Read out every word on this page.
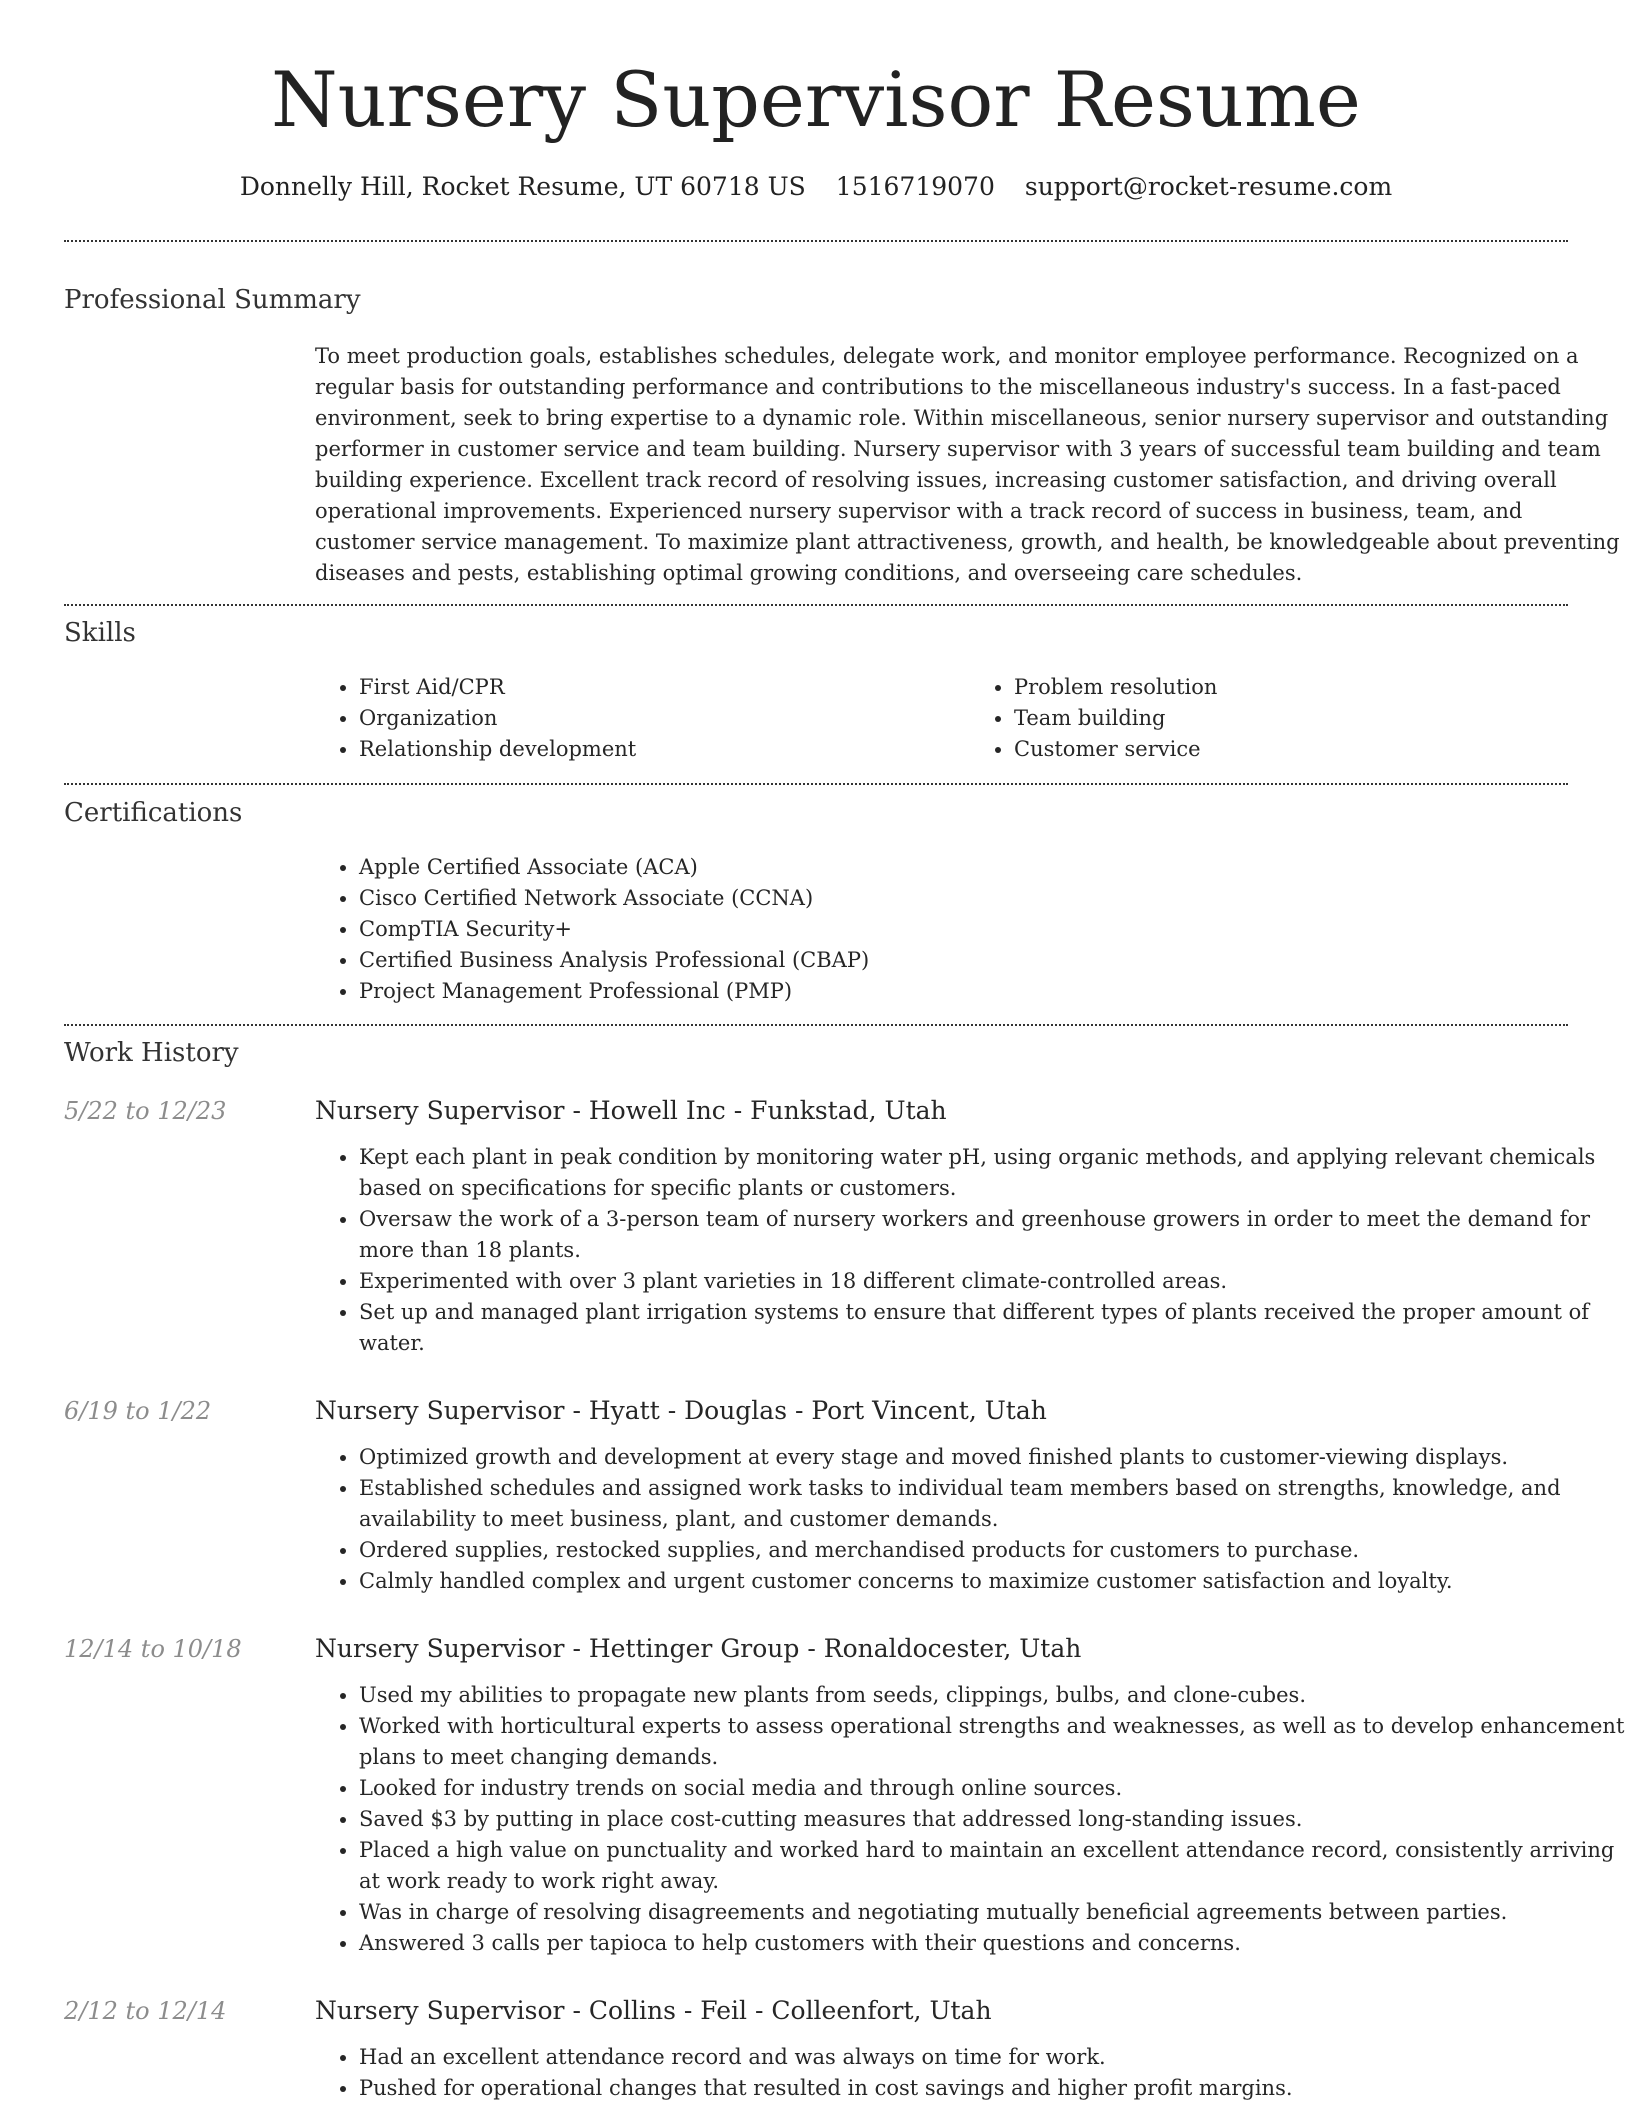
Nursery Supervisor Resume
Donnelly Hill, Rocket Resume, UT 60718 US 1516719070 support@rocket-resume.com
Professional Summary

To meet production goals, establishes schedules, delegate work, and monitor employee performance. Recognized on a regular basis for outstanding performance and contributions to the miscellaneous industry's success. In a fast-paced environment, seek to bring expertise to a dynamic role. Within miscellaneous, senior nursery supervisor and outstanding performer in customer service and team building. Nursery supervisor with 3 years of successful team building and team building experience. Excellent track record of resolving issues, increasing customer satisfaction, and driving overall operational improvements. Experienced nursery supervisor with a track record of success in business, team, and customer service management. To maximize plant attractiveness, growth, and health, be knowledgeable about preventing diseases and pests, establishing optimal growing conditions, and overseeing care schedules.

Skills
• First Aid/CPR
• Organization
• Relationship development
• Problem resolution
• Team building
• Customer service
Certifications
• Apple Certified Associate (ACA)
• Cisco Certified Network Associate (CCNA)
• CompTIA Security+
• Certified Business Analysis Professional (CBAP)
• Project Management Professional (PMP)
Work History
5/22 to 12/23	Nursery Supervisor - Howell Inc - Funkstad, Utah
• Kept each plant in peak condition by monitoring water pH, using organic methods, and applying relevant chemicals based on specifications for specific plants or customers.
• Oversaw the work of a 3-person team of nursery workers and greenhouse growers in order to meet the demand for more than 18 plants.
• Experimented with over 3 plant varieties in 18 different climate-controlled areas.
• Set up and managed plant irrigation systems to ensure that different types of plants received the proper amount of water.
6/19 to 1/22	Nursery Supervisor - Hyatt - Douglas - Port Vincent, Utah
• Optimized growth and development at every stage and moved finished plants to customer-viewing displays.
• Established schedules and assigned work tasks to individual team members based on strengths, knowledge, and availability to meet business, plant, and customer demands.
• Ordered supplies, restocked supplies, and merchandised products for customers to purchase.
• Calmly handled complex and urgent customer concerns to maximize customer satisfaction and loyalty.
12/14 to 10/18	Nursery Supervisor - Hettinger Group - Ronaldocester, Utah
• Used my abilities to propagate new plants from seeds, clippings, bulbs, and clone-cubes.
• Worked with horticultural experts to assess operational strengths and weaknesses, as well as to develop enhancement plans to meet changing demands.
• Looked for industry trends on social media and through online sources.
• Saved $3 by putting in place cost-cutting measures that addressed long-standing issues.
• Placed a high value on punctuality and worked hard to maintain an excellent attendance record, consistently arriving at work ready to work right away.
• Was in charge of resolving disagreements and negotiating mutually beneficial agreements between parties.
• Answered 3 calls per tapioca to help customers with their questions and concerns.
2/12 to 12/14	Nursery Supervisor - Collins - Feil - Colleenfort, Utah
• Had an excellent attendance record and was always on time for work.
• Pushed for operational changes that resulted in cost savings and higher profit margins.
